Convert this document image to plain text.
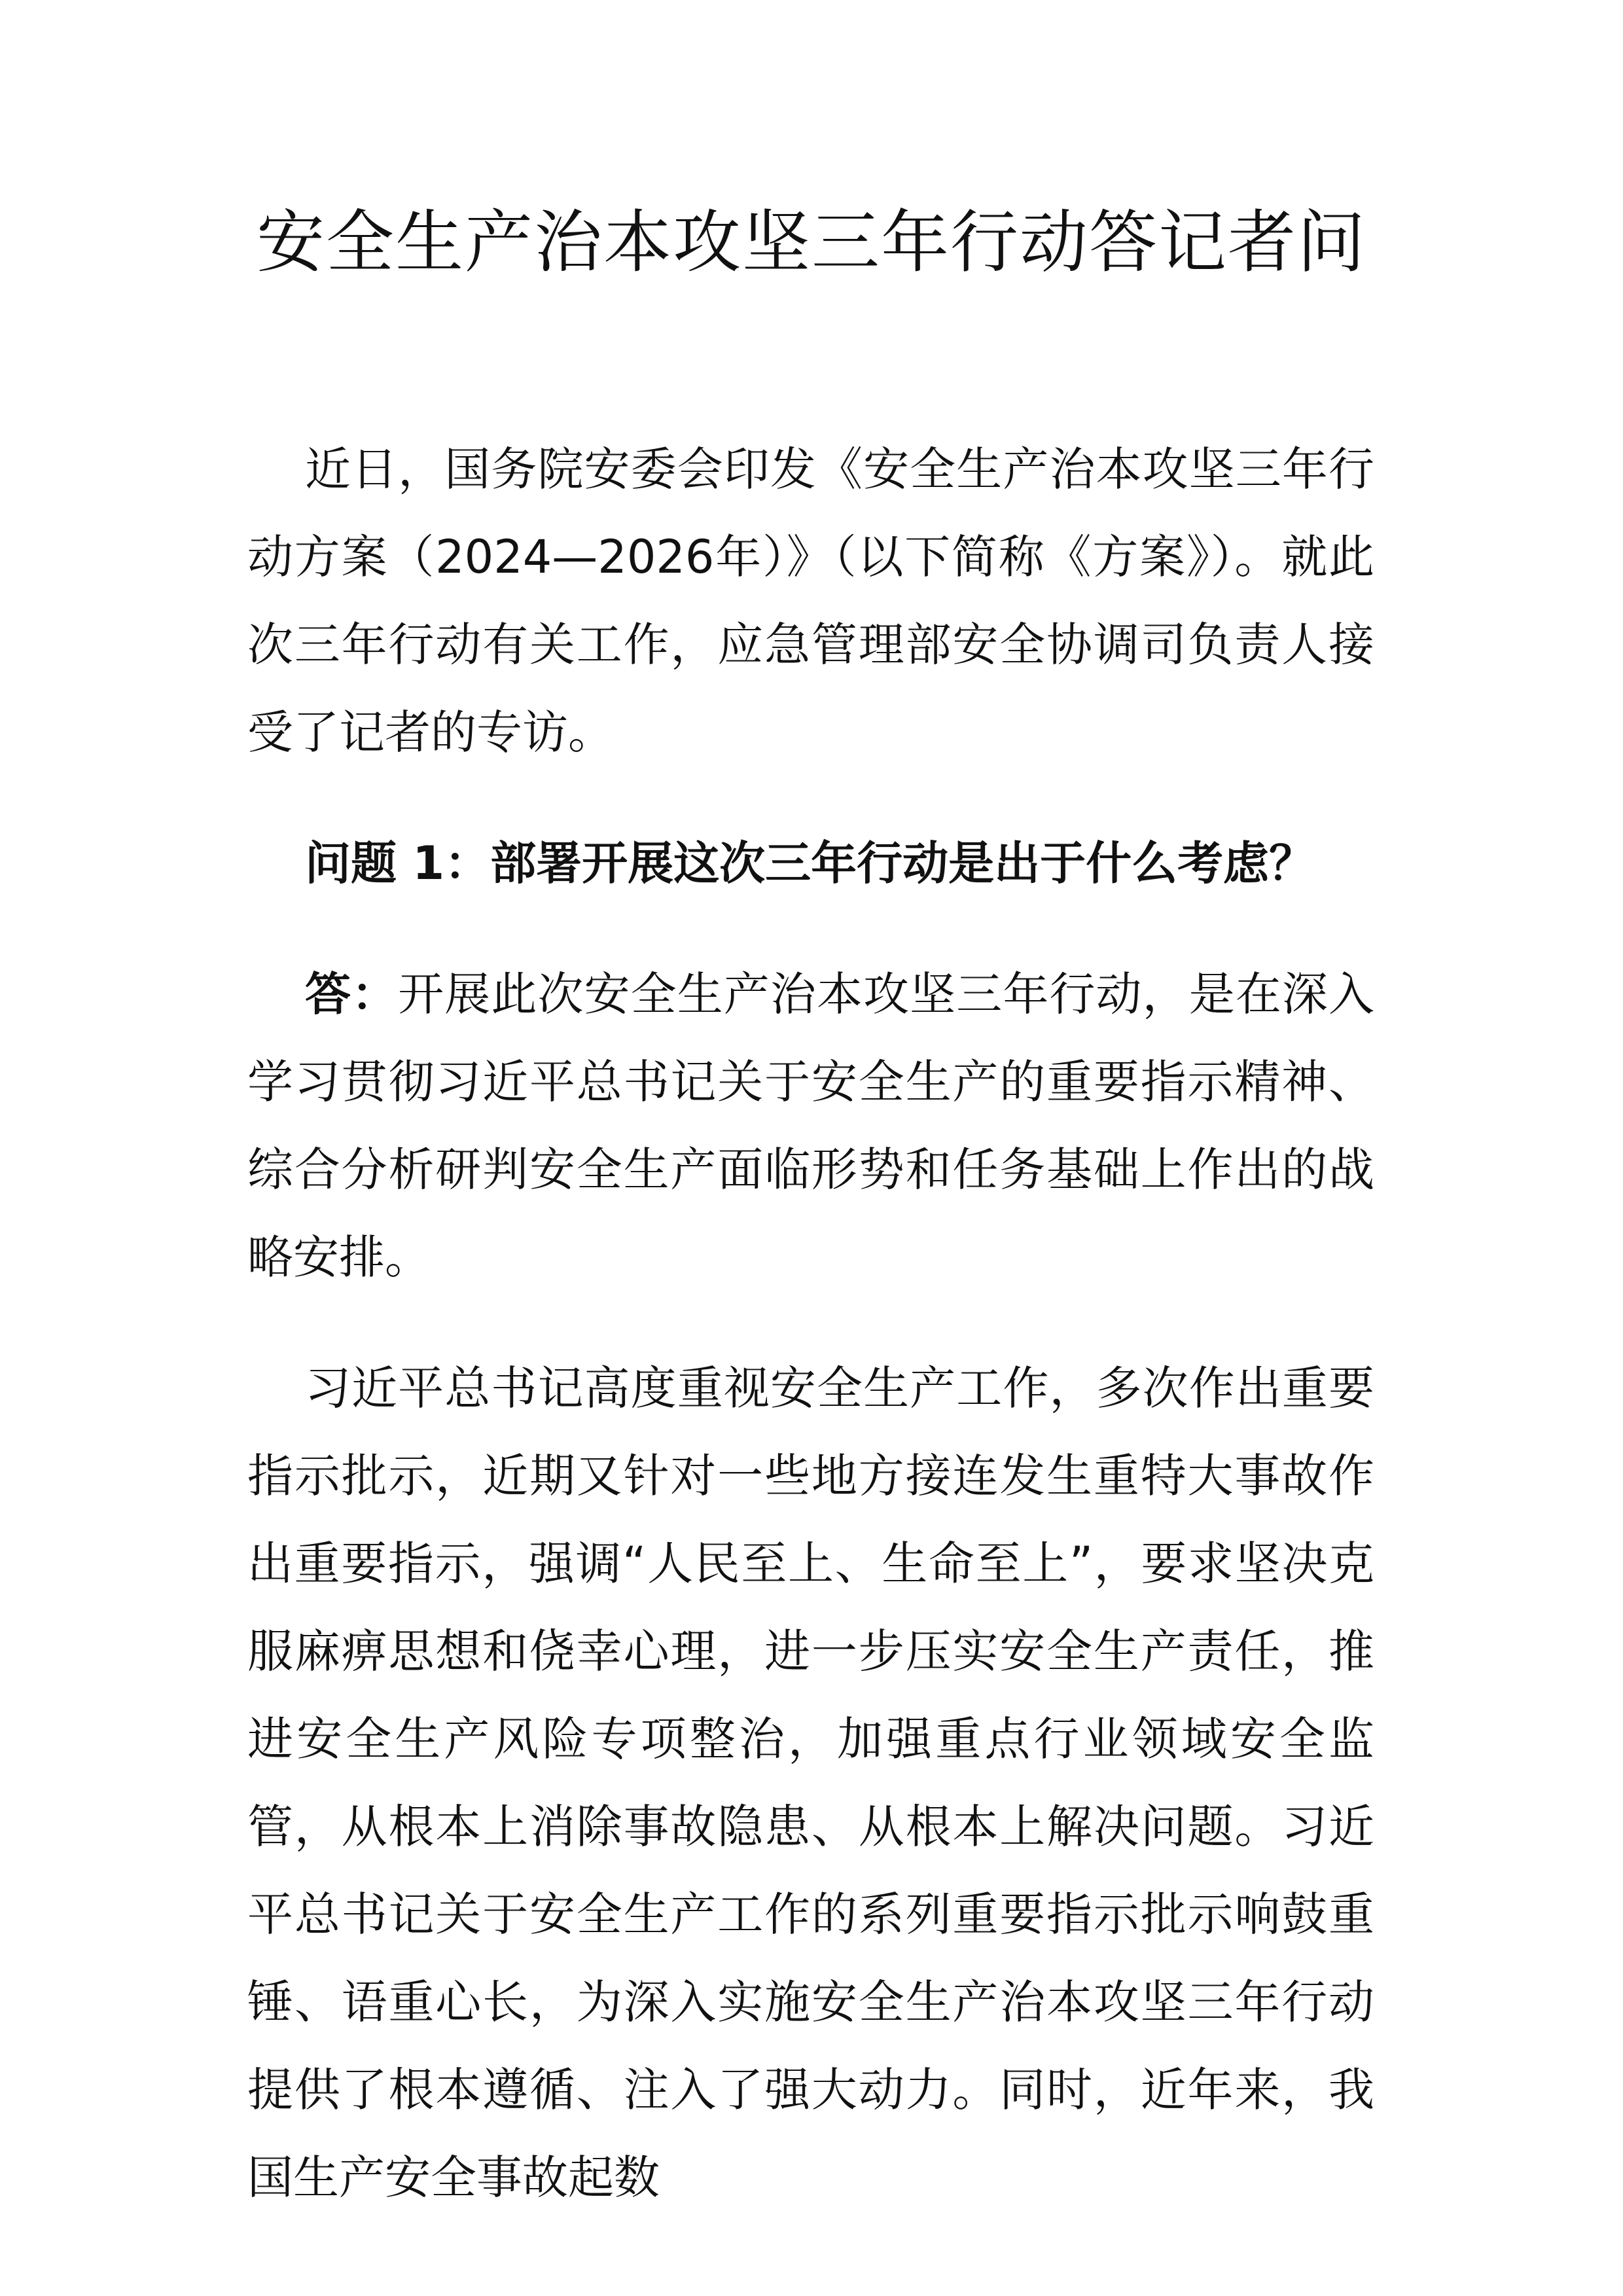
安全生产治本攻坚三年行动答记者问

近日，国务院安委会印发《安全生产治本攻坚三年行动方案（2024—2026年）》（以下简称《方案》）。就此次三年行动有关工作，应急管理部安全协调司负责人接受了记者的专访。

问题 1：部署开展这次三年行动是出于什么考虑？

答：开展此次安全生产治本攻坚三年行动，是在深入学习贯彻习近平总书记关于安全生产的重要指示精神、综合分析研判安全生产面临形势和任务基础上作出的战略安排。

习近平总书记高度重视安全生产工作，多次作出重要指示批示，近期又针对一些地方接连发生重特大事故作出重要指示，强调“人民至上、生命至上”，要求坚决克服麻痹思想和侥幸心理，进一步压实安全生产责任，推进安全生产风险专项整治，加强重点行业领域安全监管，从根本上消除事故隐患、从根本上解决问题。习近平总书记关于安全生产工作的系列重要指示批示响鼓重锤、语重心长，为深入实施安全生产治本攻坚三年行动提供了根本遵循、注入了强大动力。同时，近年来，我国生产安全事故起数
